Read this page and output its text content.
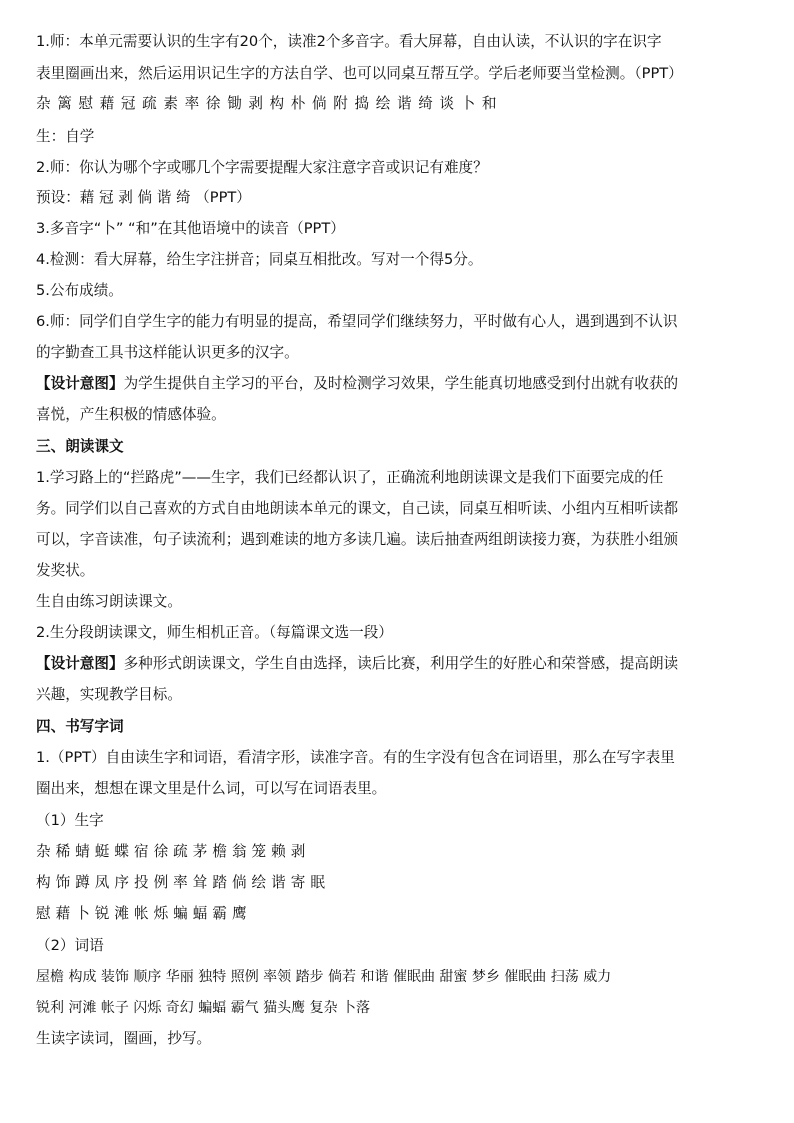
1.师：本单元需要认识的生字有20个，读准2个多音字。看大屏幕，自由认读，不认识的字在识字
表里圈画出来，然后运用识记生字的方法自学、也可以同桌互帮互学。学后老师要当堂检测。（PPT）
杂 篱 慰 藉 冠 疏 素 率 徐 锄 剥 构 朴 倘 附 捣 绘 谐 绮 谈 卜 和
生：自学
2.师：你认为哪个字或哪几个字需要提醒大家注意字音或识记有难度？
预设：藉 冠 剥 倘 谐 绮 （PPT）
3.多音字“卜” “和”在其他语境中的读音（PPT）
4.检测：看大屏幕，给生字注拼音；同桌互相批改。写对一个得5分。
5.公布成绩。
6.师：同学们自学生字的能力有明显的提高，希望同学们继续努力，平时做有心人，遇到遇到不认识
的字勤查工具书这样能认识更多的汉字。
【设计意图】为学生提供自主学习的平台，及时检测学习效果，学生能真切地感受到付出就有收获的
喜悦，产生积极的情感体验。
三、朗读课文
1.学习路上的“拦路虎”——生字，我们已经都认识了，正确流利地朗读课文是我们下面要完成的任
务。同学们以自己喜欢的方式自由地朗读本单元的课文，自己读，同桌互相听读、小组内互相听读都
可以，字音读准，句子读流利；遇到难读的地方多读几遍。读后抽查两组朗读接力赛，为获胜小组颁
发奖状。
生自由练习朗读课文。
2.生分段朗读课文，师生相机正音。（每篇课文选一段）
【设计意图】多种形式朗读课文，学生自由选择，读后比赛，利用学生的好胜心和荣誉感，提高朗读
兴趣，实现教学目标。
四、书写字词
1.（PPT）自由读生字和词语，看清字形，读准字音。有的生字没有包含在词语里，那么在写字表里
圈出来，想想在课文里是什么词，可以写在词语表里。
（1）生字
杂稀蜻蜓蝶宿徐疏茅檐翁笼赖剥
构饰蹲凤序投例率耸踏倘绘谐寄眠
慰藉卜锐滩帐烁蝙蝠霸鹰
（2）词语
屋檐 构成 装饰 顺序 华丽 独特 照例 率领 踏步 倘若 和谐 催眠曲 甜蜜 梦乡 催眠曲 扫荡 威力
锐利 河滩 帐子 闪烁 奇幻 蝙蝠 霸气 猫头鹰 复杂 卜落
生读字读词，圈画，抄写。
